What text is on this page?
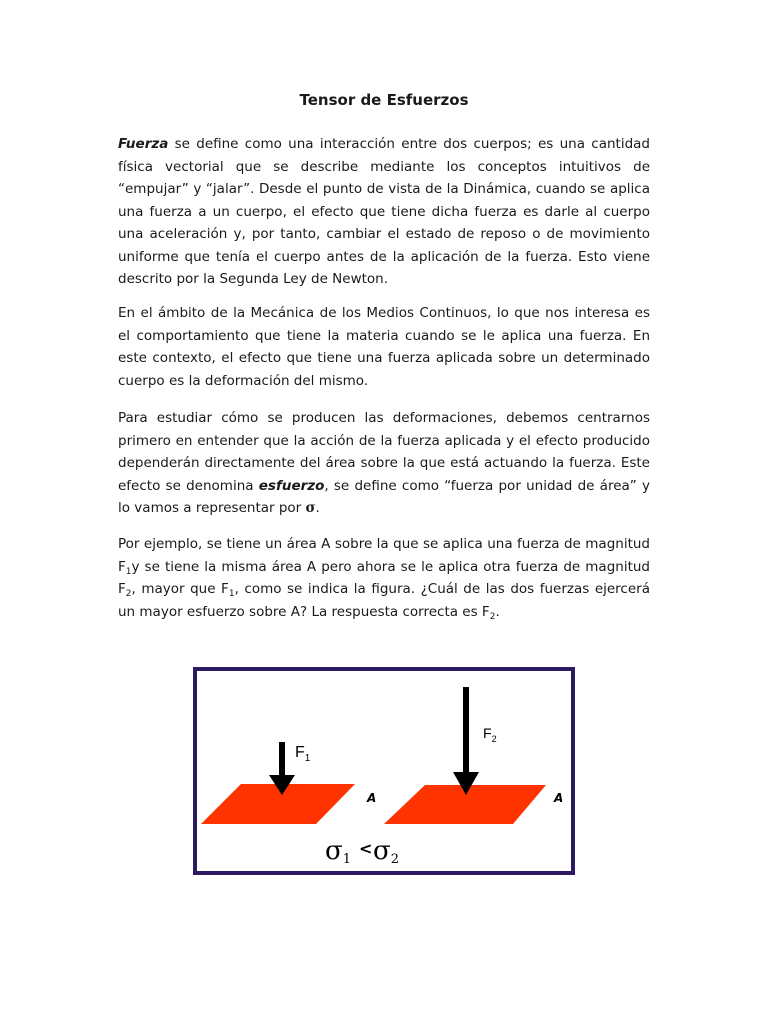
Tensor de Esfuerzos

Fuerza se define como una interacción entre dos cuerpos; es una cantidad física vectorial que se describe mediante los conceptos intuitivos de “empujar” y “jalar”. Desde el punto de vista de la Dinámica, cuando se aplica una fuerza a un cuerpo, el efecto que tiene dicha fuerza es darle al cuerpo una aceleración y, por tanto, cambiar el estado de reposo o de movimiento uniforme que tenía el cuerpo antes de la aplicación de la fuerza. Esto viene descrito por la Segunda Ley de Newton.

En el ámbito de la Mecánica de los Medios Continuos, lo que nos interesa es el comportamiento que tiene la materia cuando se le aplica una fuerza. En este contexto, el efecto que tiene una fuerza aplicada sobre un determinado cuerpo es la deformación del mismo.

Para estudiar cómo se producen las deformaciones, debemos centrarnos primero en entender que la acción de la fuerza aplicada y el efecto producido dependerán directamente del área sobre la que está actuando la fuerza. Este efecto se denomina esfuerzo, se define como “fuerza por unidad de área” y lo vamos a representar por σ.

Por ejemplo, se tiene un área A sobre la que se aplica una fuerza de magnitud $F_1y$ se tiene la misma área A pero ahora se le aplica otra fuerza de magnitud $F_2$, mayor que $F_1$, como se indica la figura. ¿Cuál de las dos fuerzas ejercerá un mayor esfuerzo sobre A? La respuesta correcta es $F_2$.

$F_1$
A
$F_2$
A
σ1
< σ2
